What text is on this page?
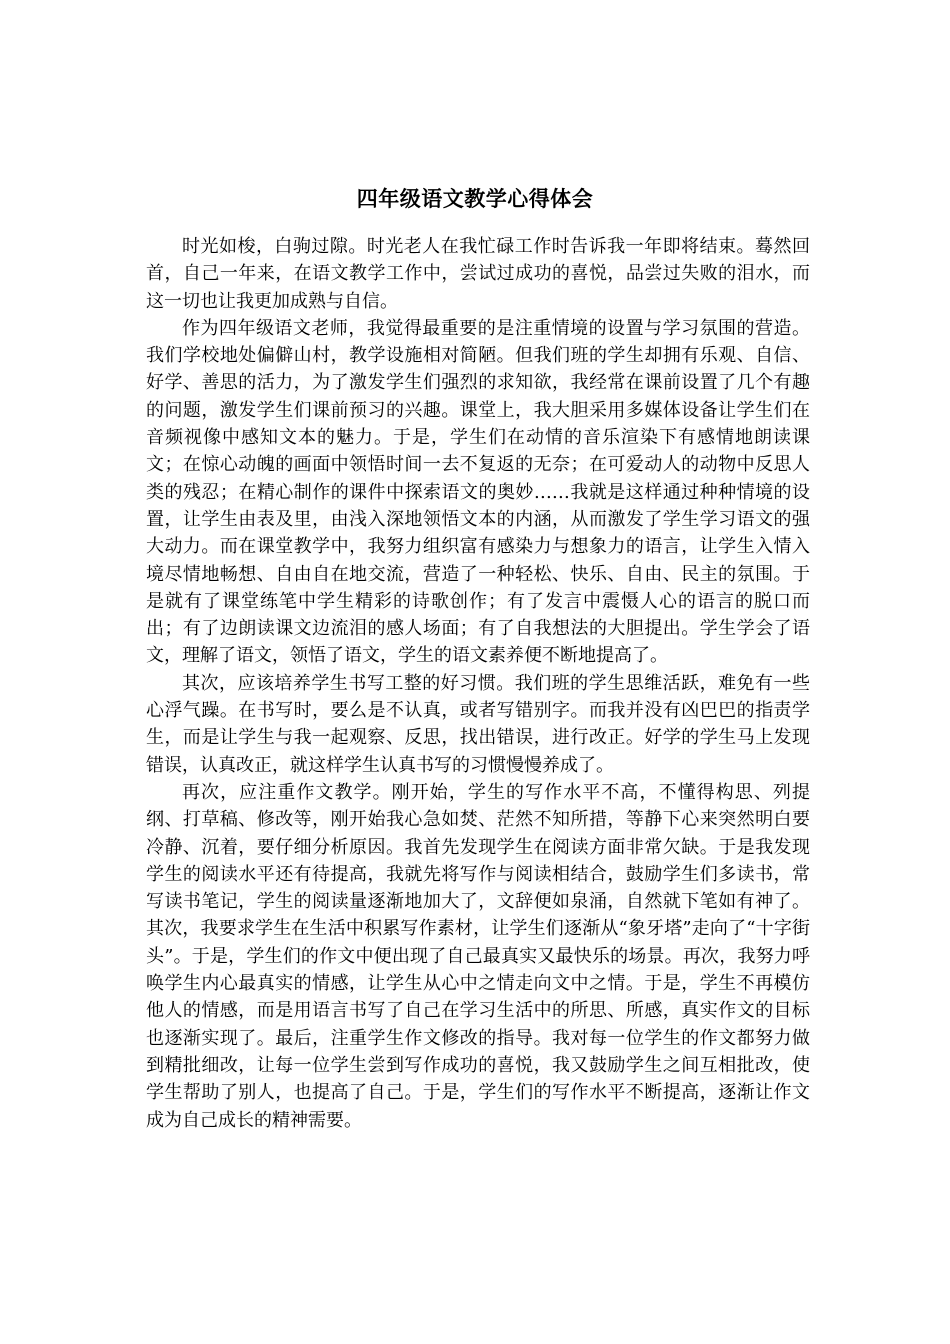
四年级语文教学心得体会

时光如梭，白驹过隙。时光老人在我忙碌工作时告诉我一年即将结束。蓦然回首，自己一年来，在语文教学工作中，尝试过成功的喜悦，品尝过失败的泪水，而这一切也让我更加成熟与自信。

作为四年级语文老师，我觉得最重要的是注重情境的设置与学习氛围的营造。我们学校地处偏僻山村，教学设施相对简陋。但我们班的学生却拥有乐观、自信、好学、善思的活力，为了激发学生们强烈的求知欲，我经常在课前设置了几个有趣的问题，激发学生们课前预习的兴趣。课堂上，我大胆采用多媒体设备让学生们在音频视像中感知文本的魅力。于是，学生们在动情的音乐渲染下有感情地朗读课文；在惊心动魄的画面中领悟时间一去不复返的无奈；在可爱动人的动物中反思人类的残忍；在精心制作的课件中探索语文的奥妙……我就是这样通过种种情境的设置，让学生由表及里，由浅入深地领悟文本的内涵，从而激发了学生学习语文的强大动力。而在课堂教学中，我努力组织富有感染力与想象力的语言，让学生入情入境尽情地畅想、自由自在地交流，营造了一种轻松、快乐、自由、民主的氛围。于是就有了课堂练笔中学生精彩的诗歌创作；有了发言中震慑人心的语言的脱口而出；有了边朗读课文边流泪的感人场面；有了自我想法的大胆提出。学生学会了语文，理解了语文，领悟了语文，学生的语文素养便不断地提高了。

其次，应该培养学生书写工整的好习惯。我们班的学生思维活跃，难免有一些心浮气躁。在书写时，要么是不认真，或者写错别字。而我并没有凶巴巴的指责学生，而是让学生与我一起观察、反思，找出错误，进行改正。好学的学生马上发现错误，认真改正，就这样学生认真书写的习惯慢慢养成了。

再次，应注重作文教学。刚开始，学生的写作水平不高，不懂得构思、列提纲、打草稿、修改等，刚开始我心急如焚、茫然不知所措，等静下心来突然明白要冷静、沉着，要仔细分析原因。我首先发现学生在阅读方面非常欠缺。于是我发现学生的阅读水平还有待提高，我就先将写作与阅读相结合，鼓励学生们多读书，常写读书笔记，学生的阅读量逐渐地加大了，文辞便如泉涌，自然就下笔如有神了。其次，我要求学生在生活中积累写作素材，让学生们逐渐从“象牙塔”走向了“十字街头”。于是，学生们的作文中便出现了自己最真实又最快乐的场景。再次，我努力呼唤学生内心最真实的情感，让学生从心中之情走向文中之情。于是，学生不再模仿他人的情感，而是用语言书写了自己在学习生活中的所思、所感，真实作文的目标也逐渐实现了。最后，注重学生作文修改的指导。我对每一位学生的作文都努力做到精批细改，让每一位学生尝到写作成功的喜悦，我又鼓励学生之间互相批改，使学生帮助了别人，也提高了自己。于是，学生们的写作水平不断提高，逐渐让作文成为自己成长的精神需要。
